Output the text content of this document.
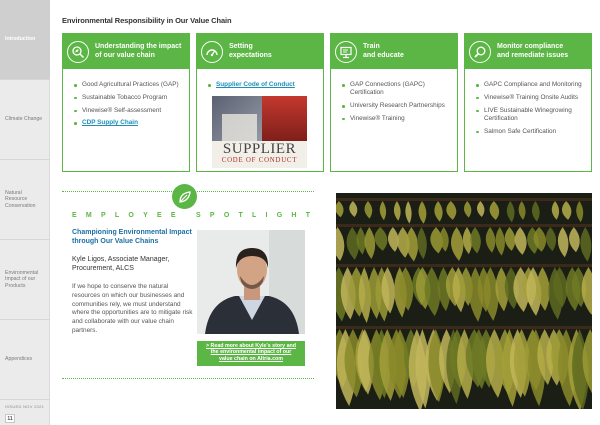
Introduction
Climate Change
Natural Resource Conservation
Environmental Impact of our Products
Appendices
ISSUED NOV 2021
11
Environmental Responsibility in Our Value Chain
Understanding the impact
of our value chain
Good Agricultural Practices (GAP)
Sustainable Tobacco Program
Vinewise® Self-assessment
CDP Supply Chain
Setting
expectations
Supplier Code of Conduct
SUPPLIER
CODE OF CONDUCT
Train
and educate
GAP Connections (GAPC) Certification
University Research Partnerships
Vinewise® Training
Monitor compliance
and remediate issues
GAPC Compliance and Monitoring
Vinewise® Training Onsite Audits
LIVE Sustainable Winegrowing Certification
Salmon Safe Certification
E M P L O Y E E
	S P O T L I G H T
Championing Environmental Impact through Our Value Chains
Kyle Ligos, Associate Manager,
Procurement, ALCS

If we hope to conserve the natural resources on which our businesses and communities rely, we must understand where the opportunities are to mitigate risk and collaborate with our value chain partners.

> Read more about Kyle's story and
the environmental impact of our
value chain on Altria.com
